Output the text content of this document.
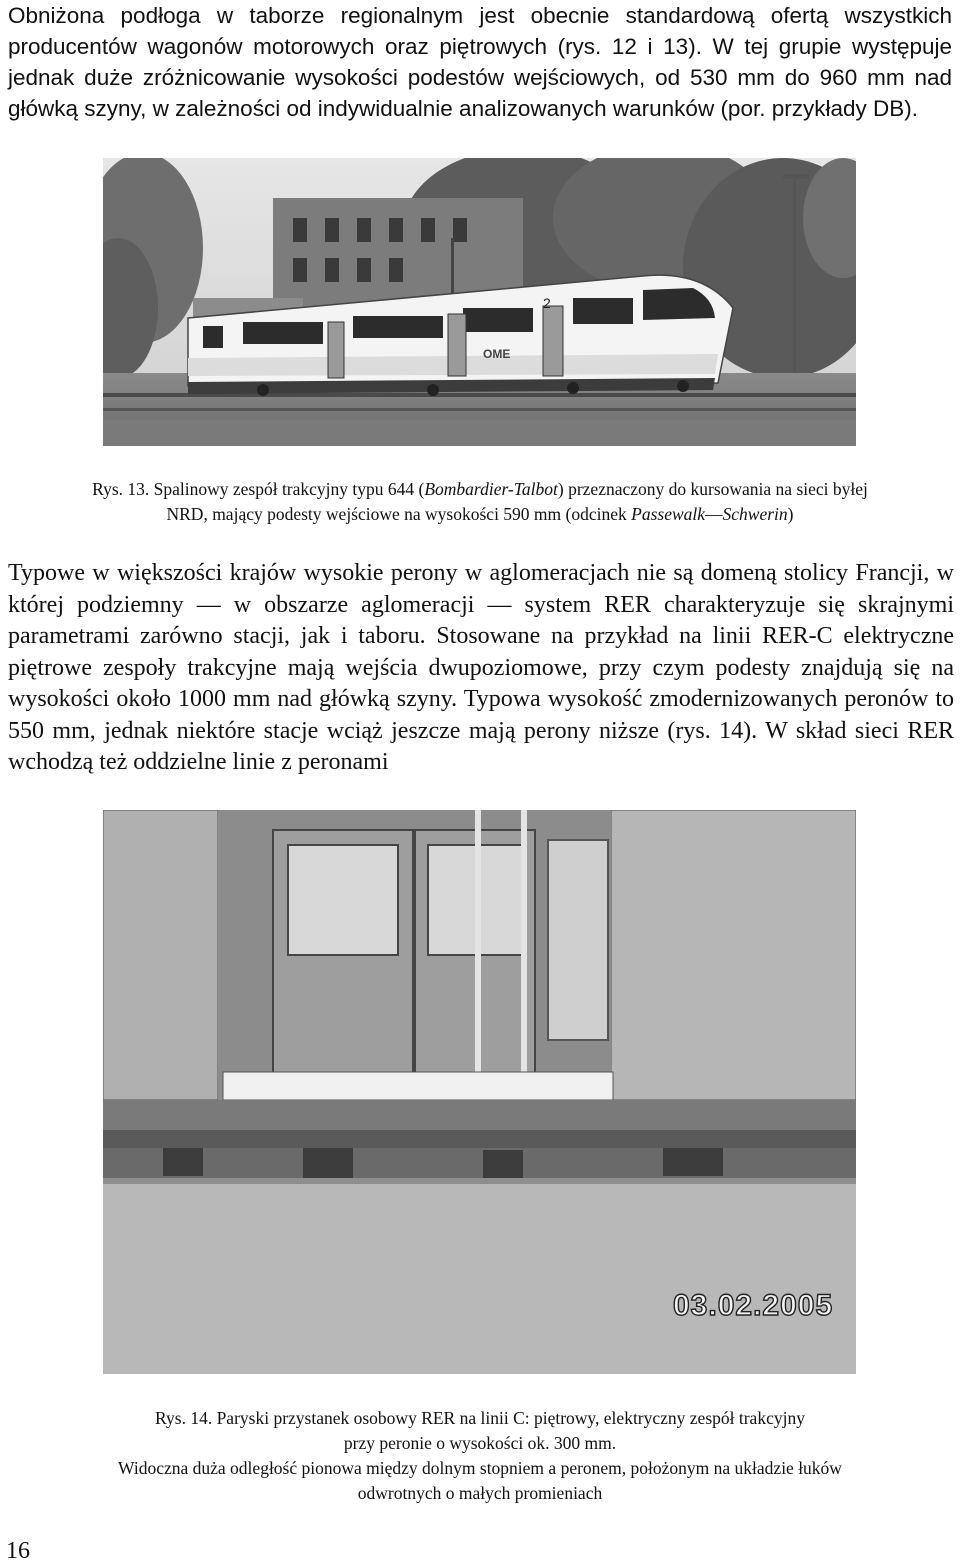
Obniżona podłoga w taborze regionalnym jest obecnie standardową ofertą wszystkich producentów wagonów motorowych oraz piętrowych (rys. 12 i 13). W tej grupie występuje jednak duże zróżnicowanie wysokości podestów wejściowych, od 530 mm do 960 mm nad główką szyny, w zależności od indywidualnie analizowanych warunków (por. przykłady DB).

2
OME

Rys. 13. Spalinowy zespół trakcyjny typu 644 (Bombardier-Talbot) przeznaczony do kursowania na sieci byłej
NRD, mający podesty wejściowe na wysokości 590 mm (odcinek Passewalk—Schwerin)

Typowe w większości krajów wysokie perony w aglomeracjach nie są domeną stolicy Francji, w której podziemny — w obszarze aglomeracji — system RER charakteryzuje się skrajnymi parametrami zarówno stacji, jak i taboru. Stosowane na przykład na linii RER-C elektryczne piętrowe zespoły trakcyjne mają wejścia dwupoziomowe, przy czym podesty znajdują się na wysokości około 1000 mm nad główką szyny. Typowa wysokość zmodernizowanych peronów to 550 mm, jednak niektóre stacje wciąż jeszcze mają perony niższe (rys. 14). W skład sieci RER wchodzą też oddzielne linie z peronami

03.02.2005

Rys. 14. Paryski przystanek osobowy RER na linii C: piętrowy, elektryczny zespół trakcyjny
przy peronie o wysokości ok. 300 mm.
Widoczna duża odległość pionowa między dolnym stopniem a peronem, położonym na układzie łuków
odwrotnych o małych promieniach

16
